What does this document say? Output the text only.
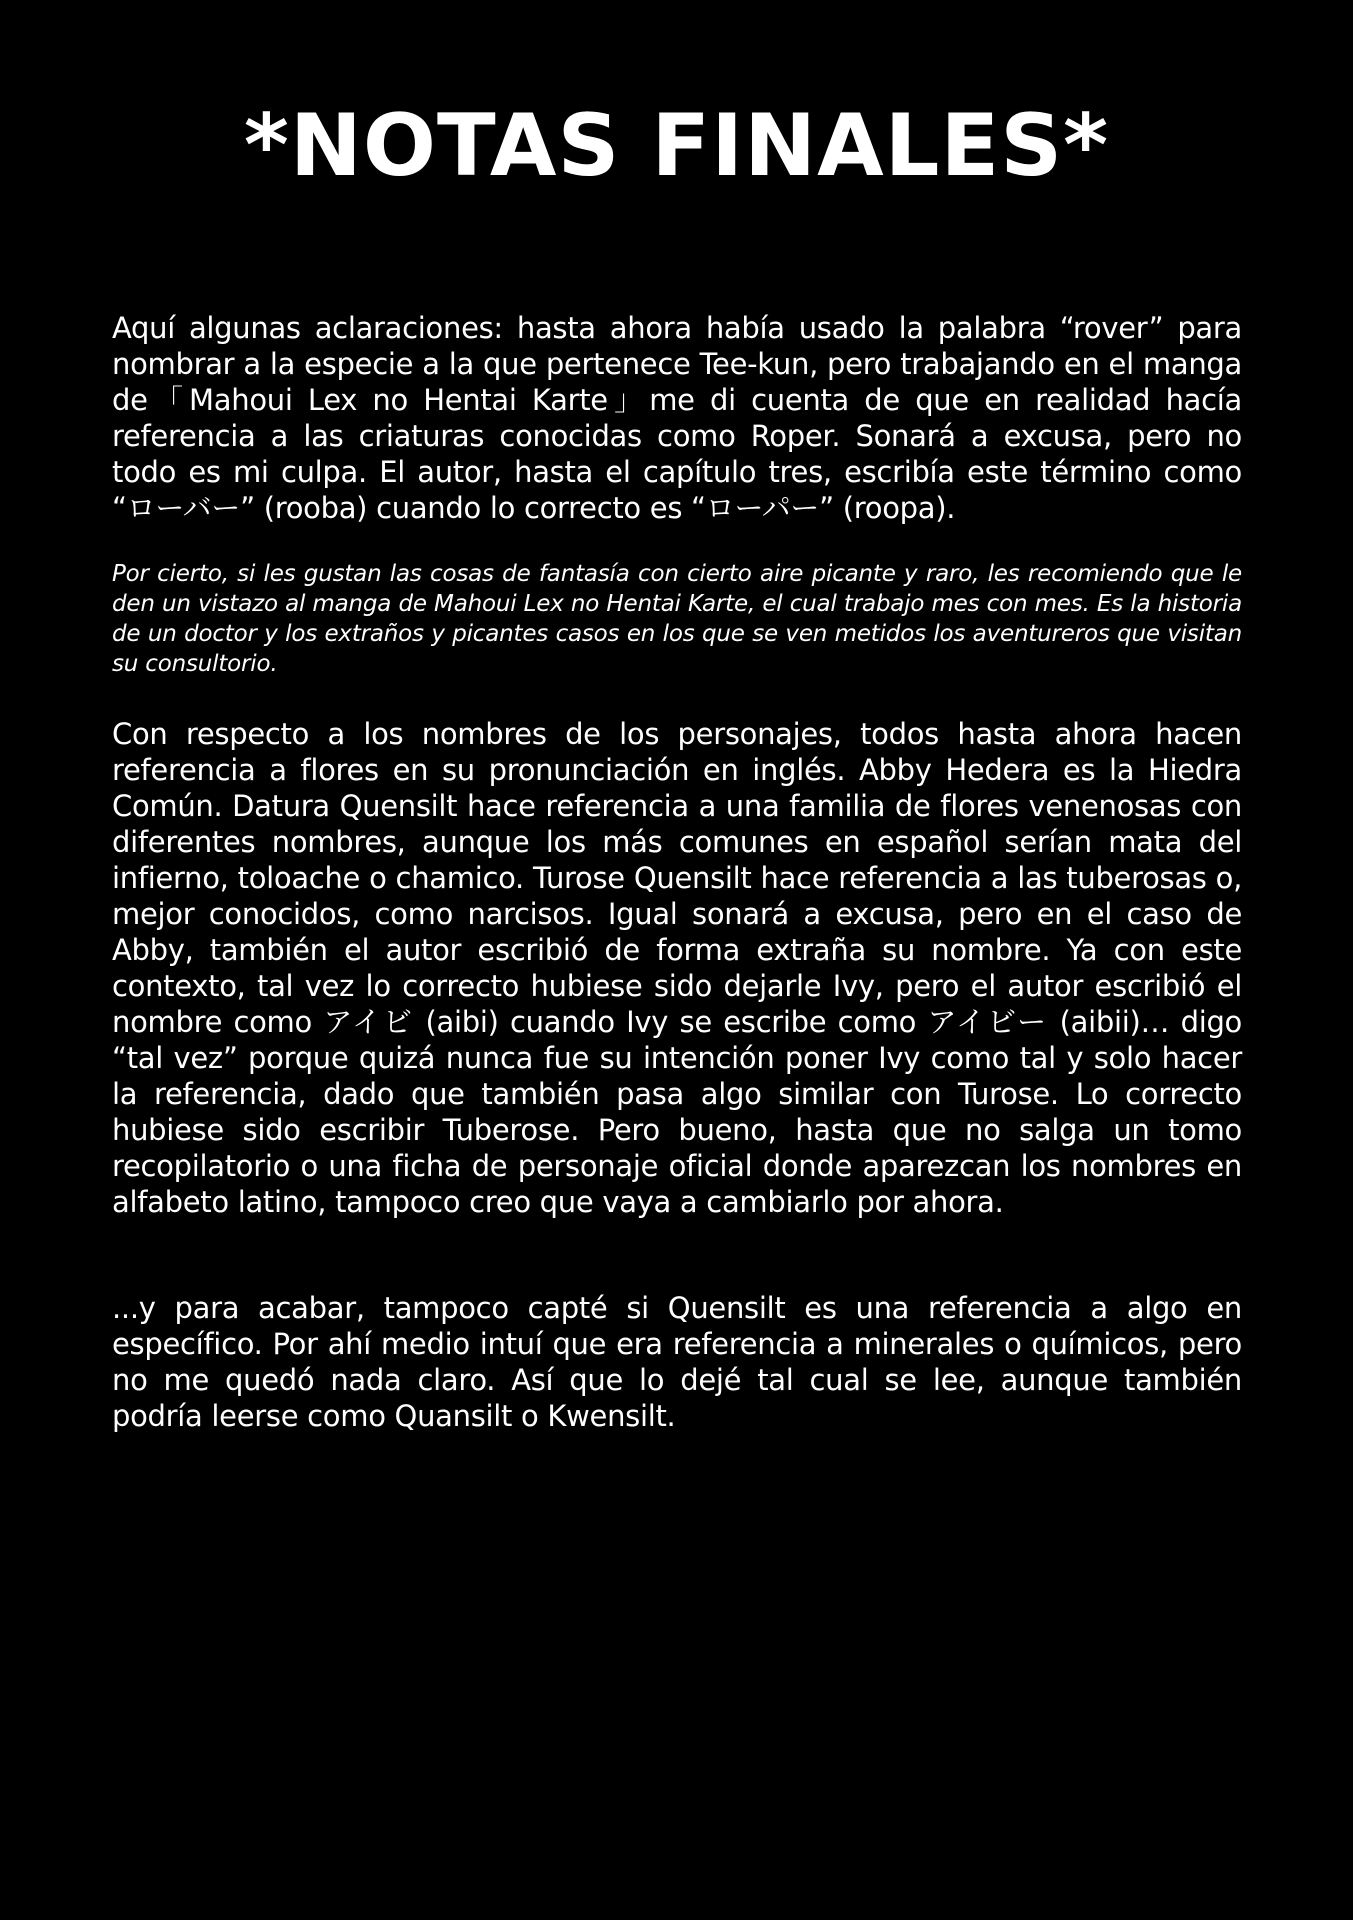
*NOTAS FINALES*

Aquí algunas aclaraciones: hasta ahora había usado la palabra “rover” para nombrar a la especie a la que pertenece Tee-kun, pero trabajando en el manga de「Mahoui Lex no Hentai Karte」me di cuenta de que en realidad hacía referencia a las criaturas conocidas como Roper. Sonará a excusa, pero no todo es mi culpa. El autor, hasta el capítulo tres, escribía este término como “ローバー” (rooba) cuando lo correcto es “ローパー” (roopa).

Por cierto, si les gustan las cosas de fantasía con cierto aire picante y raro, les recomiendo que le den un vistazo al manga de Mahoui Lex no Hentai Karte, el cual trabajo mes con mes. Es la historia de un doctor y los extraños y picantes casos en los que se ven metidos los aventureros que visitan su consultorio.

Con respecto a los nombres de los personajes, todos hasta ahora hacen referencia a flores en su pronunciación en inglés. Abby Hedera es la Hiedra Común. Datura Quensilt hace referencia a una familia de flores venenosas con diferentes nombres, aunque los más comunes en español serían mata del infierno, toloache o chamico. Turose Quensilt hace referencia a las tuberosas o, mejor conocidos, como narcisos. Igual sonará a excusa, pero en el caso de Abby, también el autor escribió de forma extraña su nombre. Ya con este contexto, tal vez lo correcto hubiese sido dejarle Ivy, pero el autor escribió el nombre como アイビ (aibi) cuando Ivy se escribe como アイビー (aibii)… digo “tal vez” porque quizá nunca fue su intención poner Ivy como tal y solo hacer la referencia, dado que también pasa algo similar con Turose. Lo correcto hubiese sido escribir Tuberose. Pero bueno, hasta que no salga un tomo recopilatorio o una ficha de personaje oficial donde aparezcan los nombres en alfabeto latino, tampoco creo que vaya a cambiarlo por ahora.

...y para acabar, tampoco capté si Quensilt es una referencia a algo en específico. Por ahí medio intuí que era referencia a minerales o químicos, pero no me quedó nada claro. Así que lo dejé tal cual se lee, aunque también podría leerse como Quansilt o Kwensilt.
